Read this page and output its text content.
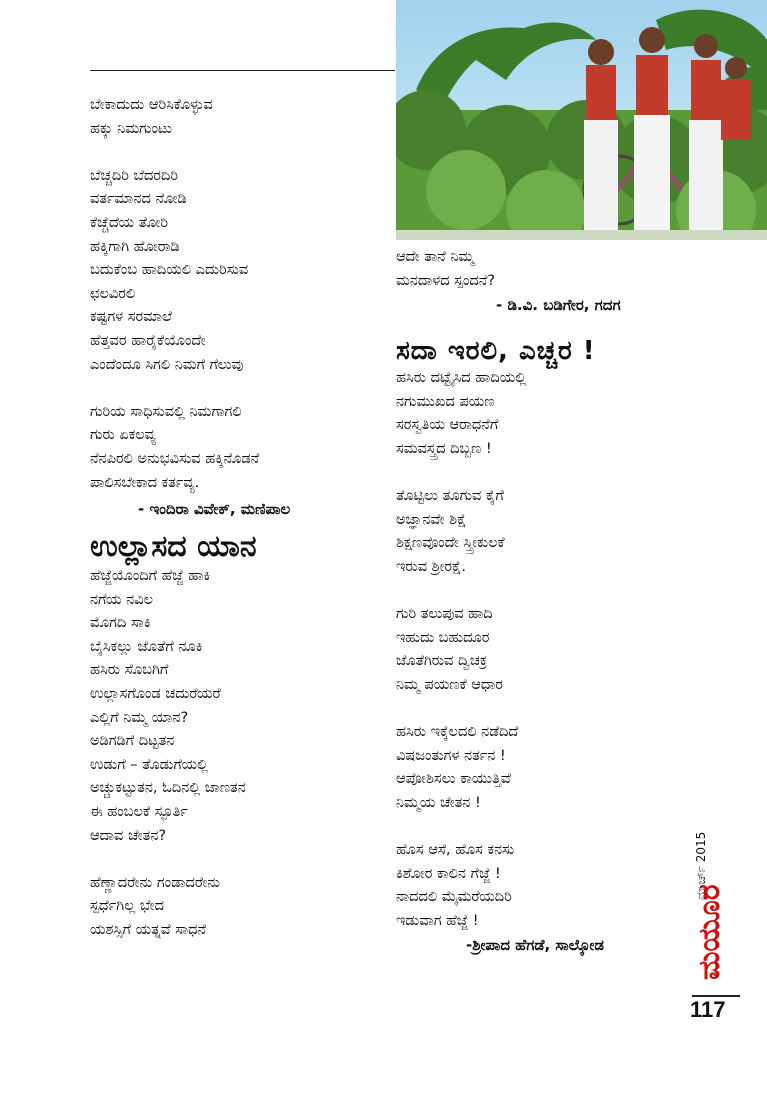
ಬೇಕಾದುದು ಆರಿಸಿಕೊಳ್ಳುವ
ಹಕ್ಕು ನಿಮಗುಂಟು
ಬೆಚ್ಚದಿರಿ ಬೆದರದಿರಿ
ವರ್ತಮಾನದ ನೋಡಿ
ಕೆಚ್ಚೆದೆಯ ತೋರಿ
ಹಕ್ಕಿಗಾಗಿ ಹೋರಾಡಿ
ಬದುಕೆಂಬ ಹಾದಿಯಲಿ ಎದುರಿಸುವ
ಛಲವಿರಲಿ
ಕಷ್ಟಗಳ ಸರಮಾಲೆ
ಹೆತ್ತವರ ಹಾರೈಕೆಯೊಂದೇ
ಎಂದೆಂದೂ ಸಿಗಲಿ ನಿಮಗೆ ಗೆಲುವು
ಗುರಿಯ ಸಾಧಿಸುವಲ್ಲಿ ನಿಮಗಾಗಲಿ
ಗುರು ಏಕಲವ್ಯ
ನೆನಪಿರಲಿ ಅನುಭವಿಸುವ ಹಕ್ಕಿನೊಡನೆ
ಪಾಲಿಸಬೇಕಾದ ಕರ್ತವ್ಯ.
- ಇಂದಿರಾ ವಿವೇಕ್, ಮಣಿಪಾಲ
ಉಲ್ಲಾಸದ ಯಾನ
ಹೆಜ್ಜೆಯೊಂದಿಗೆ ಹೆಜ್ಜೆ ಹಾಕಿ
ನಗೆಯ ನವಿಲ
ಮೊಗದಿ ಸಾಕಿ
ಬೈಸಿಕಲ್ಲು ಜೊತೆಗೆ ನೂಕಿ
ಹಸಿರು ಸೊಬಗಿಗೆ
ಉಲ್ಲಾಸಗೊಂಡ ಚದುರೆಯರೆ
ಎಲ್ಲಿಗೆ ನಿಮ್ಮ ಯಾನ?
ಅಡಿಗಡಿಗೆ ದಿಟ್ಟತನ
ಉಡುಗೆ – ತೊಡುಗೆಯಲ್ಲಿ
ಅಚ್ಚುಕಟ್ಟುತನ, ಓದಿನಲ್ಲಿ ಜಾಣತನ
ಈ ಹಂಬಲಕೆ ಸ್ಫೂರ್ತಿ
ಆದಾವ ಚೇತನ?
ಹೆಣ್ಣಾದರೇನು ಗಂಡಾದರೇನು
ಸ್ಪರ್ಧೆಗಿಲ್ಲ ಭೇದ
ಯಶಸ್ಸಿಗೆ ಯತ್ನವೆ ಸಾಧನೆ
ಆದೇ ತಾನೆ ನಿಮ್ಮ
ಮನದಾಳದ ಸ್ಪಂದನೆ?
- ಡಿ.ವಿ. ಬಡಿಗೇರ, ಗದಗ
ಸದಾ ಇರಲಿ, ಎಚ್ಚರ !
ಹಸಿರು ದಟ್ಟೈಸಿದ ಹಾದಿಯಲ್ಲಿ
ನಗುಮುಖದ ಪಯಣ
ಸರಸ್ವತಿಯ ಆರಾಧನೆಗೆ
ಸಮವಸ್ತ್ರದ ದಿಬ್ಬಣ !
ತೊಟ್ಟಿಲು ತೂಗುವ ಕೈಗೆ
ಅಜ್ಞಾನವೇ ಶಿಕ್ಷೆ
ಶಿಕ್ಷಣವೊಂದೇ ಸ್ತ್ರೀಕುಲಕೆ
ಇರುವ ಶ್ರೀರಕ್ಷೆ.
ಗುರಿ ತಲುಪುವ ಹಾದಿ
ಇಹುದು ಬಹುದೂರ
ಜೊತೆಗಿರುವ ದ್ವಿಚಕ್ರ
ನಿಮ್ಮ ಪಯಣಕೆ ಆಧಾರ
ಹಸಿರು ಇಕ್ಕೆಲದಲಿ ನಡೆದಿದೆ
ವಿಷಜಂತುಗಳ ನರ್ತನ !
ಆಪೋಶಿಸಲು ಕಾಯುತ್ತಿವೆ
ನಿಮ್ಮಯ ಚೇತನ !
ಹೊಸ ಆಸೆ, ಹೊಸ ಕನಸು
ಕಿಶೋರ ಕಾಲಿನ ಗೆಜ್ಜೆ !
ನಾದದಲಿ ಮೈಮರೆಯದಿರಿ
ಇಡುವಾಗ ಹೆಜ್ಜೆ !
-ಶ್ರೀಪಾದ ಹೆಗಡೆ, ಸಾಲ್ಕೋಡ
ಮಾರ್ಚ್ 2015
ಮಯೂರ
117
